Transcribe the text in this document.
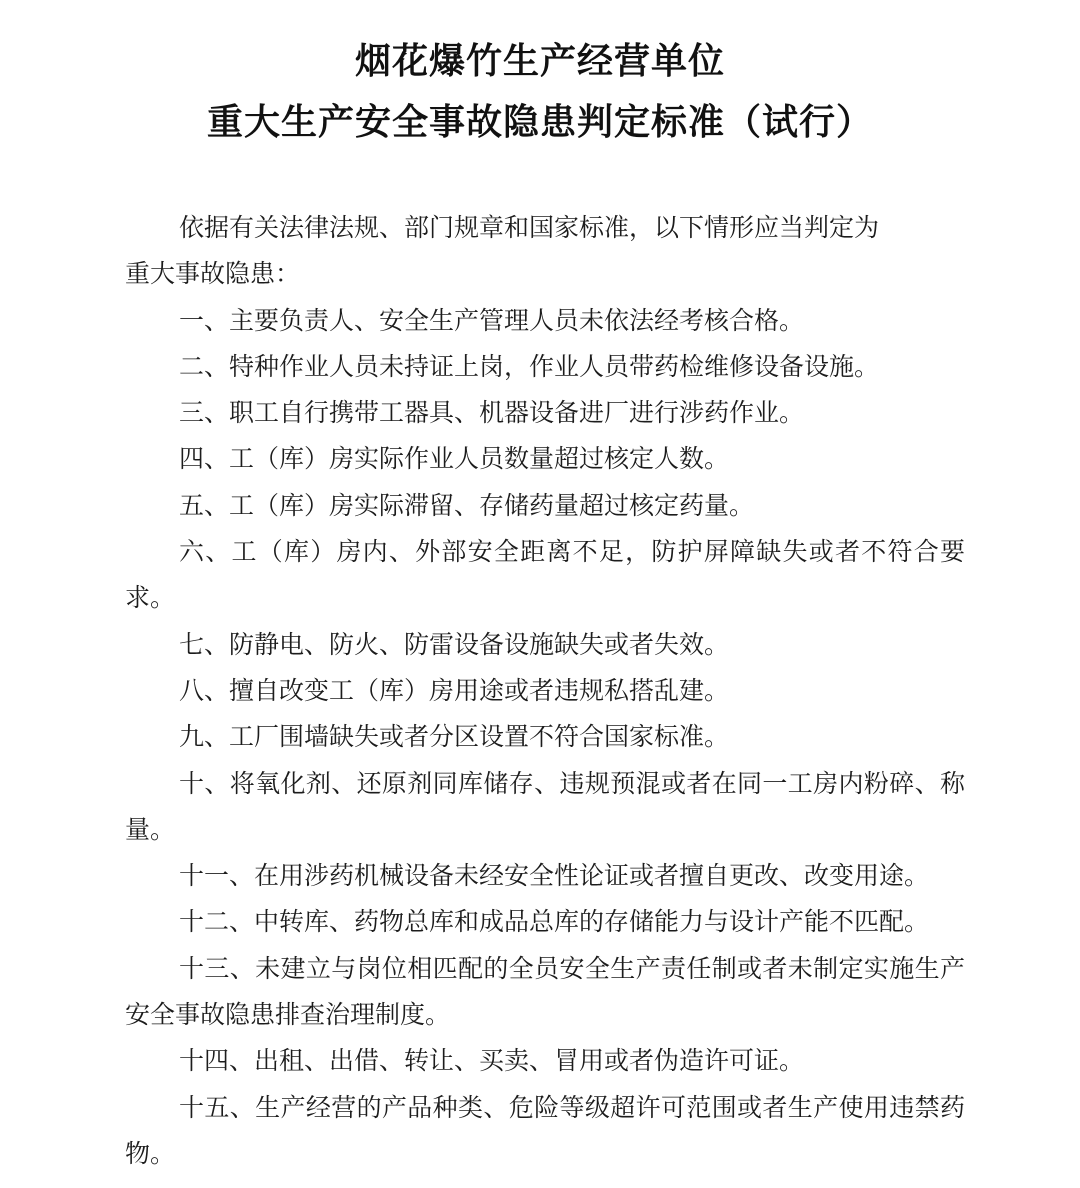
烟花爆竹生产经营单位
重大生产安全事故隐患判定标准（试行）

依据有关法律法规、部门规章和国家标准，以下情形应当判定为

重大事故隐患：

一、主要负责人、安全生产管理人员未依法经考核合格。

二、特种作业人员未持证上岗，作业人员带药检维修设备设施。

三、职工自行携带工器具、机器设备进厂进行涉药作业。

四、工（库）房实际作业人员数量超过核定人数。

五、工（库）房实际滞留、存储药量超过核定药量。

六、工（库）房内、外部安全距离不足，防护屏障缺失或者不符合要求。

七、防静电、防火、防雷设备设施缺失或者失效。

八、擅自改变工（库）房用途或者违规私搭乱建。

九、工厂围墙缺失或者分区设置不符合国家标准。

十、将氧化剂、还原剂同库储存、违规预混或者在同一工房内粉碎、称量。

十一、在用涉药机械设备未经安全性论证或者擅自更改、改变用途。

十二、中转库、药物总库和成品总库的存储能力与设计产能不匹配。

十三、未建立与岗位相匹配的全员安全生产责任制或者未制定实施生产安全事故隐患排查治理制度。

十四、出租、出借、转让、买卖、冒用或者伪造许可证。

十五、生产经营的产品种类、危险等级超许可范围或者生产使用违禁药物。
